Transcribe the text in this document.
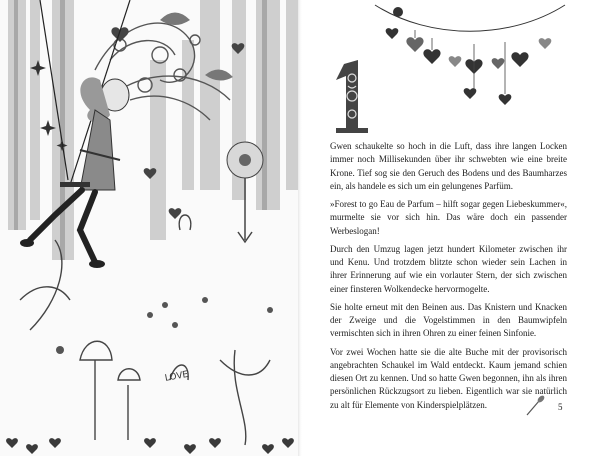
LOVE
1

Gwen schaukelte so hoch in die Luft, dass ihre langen Locken immer noch Millisekunden über ihr schwebten wie eine breite Krone. Tief sog sie den Geruch des Bodens und des Baumharzes ein, als handele es sich um ein gelungenes Parfüm.

»Forest to go Eau de Parfum – hilft sogar gegen Liebeskummer«, murmelte sie vor sich hin. Das wäre doch ein passender Werbeslogan!

Durch den Umzug lagen jetzt hundert Kilometer zwischen ihr und Kenu. Und trotzdem blitzte schon wieder sein Lachen in ihrer Erinnerung auf wie ein vorlauter Stern, der sich zwischen einer finsteren Wolkendecke hervormogelte.

Sie holte erneut mit den Beinen aus. Das Knistern und Knacken der Zweige und die Vogelstimmen in den Baumwipfeln vermischten sich in ihren Ohren zu einer feinen Sinfonie.

Vor zwei Wochen hatte sie die alte Buche mit der provisorisch angebrachten Schaukel im Wald entdeckt. Kaum jemand schien diesen Ort zu kennen. Und so hatte Gwen begonnen, ihn als ihren persönlichen Rückzugsort zu lieben. Eigentlich war sie natürlich zu alt für Elemente von Kinderspielplätzen.	5
